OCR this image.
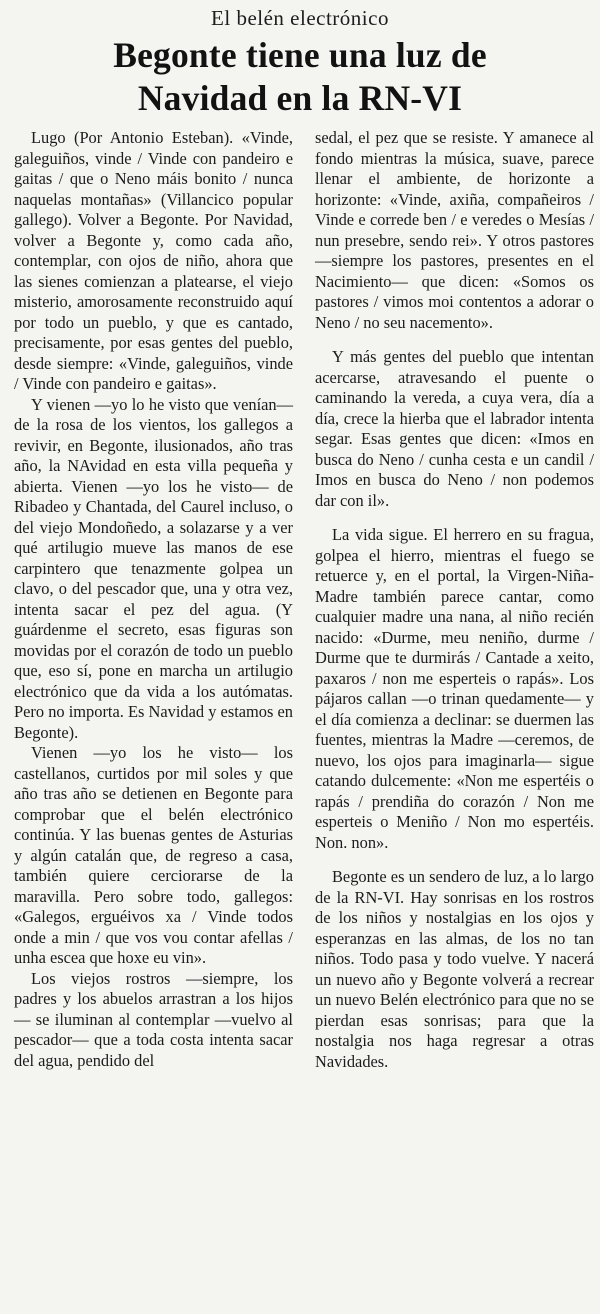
El belén electrónico
Begonte tiene una luz de
Navidad en la RN-VI

Lugo (Por Antonio Esteban). «Vinde, galeguiños, vinde / Vinde con pandeiro e gaitas / que o Neno máis bonito / nunca naquelas montañas» (Villancico popular gallego). Volver a Begonte. Por Navidad, volver a Begonte y, como cada año, contemplar, con ojos de niño, ahora que las sienes comienzan a platearse, el viejo misterio, amorosamente reconstruido aquí por todo un pueblo, y que es cantado, precisamente, por esas gentes del pueblo, desde siempre: «Vinde, galeguiños, vinde / Vinde con pandeiro e gaitas».

Y vienen —yo lo he visto que venían— de la rosa de los vientos, los gallegos a revivir, en Begonte, ilusionados, año tras año, la NAvidad en esta villa pequeña y abierta. Vienen —yo los he visto— de Ribadeo y Chantada, del Caurel incluso, o del viejo Mondoñedo, a solazarse y a ver qué artilugio mueve las manos de ese carpintero que tenazmente golpea un clavo, o del pescador que, una y otra vez, intenta sacar el pez del agua. (Y guárdenme el secreto, esas figuras son movidas por el corazón de todo un pueblo que, eso sí, pone en marcha un artilugio electrónico que da vida a los autómatas. Pero no importa. Es Navidad y estamos en Begonte).

Vienen —yo los he visto— los castellanos, curtidos por mil soles y que año tras año se detienen en Begonte para comprobar que el belén electrónico continúa. Y las buenas gentes de Asturias y algún catalán que, de regreso a casa, también quiere cerciorarse de la maravilla. Pero sobre todo, gallegos: «Galegos, erguéivos xa / Vinde todos onde a min / que vos vou contar afellas / unha escea que hoxe eu vin».

Los viejos rostros —siempre, los padres y los abuelos arrastran a los hijos— se iluminan al contemplar —vuelvo al pescador— que a toda costa intenta sacar del agua, pendido del

sedal, el pez que se resiste. Y amanece al fondo mientras la música, suave, parece llenar el ambiente, de horizonte a horizonte: «Vinde, axiña, compañeiros / Vinde e correde ben / e veredes o Mesías / nun presebre, sendo rei». Y otros pastores —siempre los pastores, presentes en el Nacimiento— que dicen: «Somos os pastores / vimos moi contentos a adorar o Neno / no seu nacemento».

Y más gentes del pueblo que intentan acercarse, atravesando el puente o caminando la vereda, a cuya vera, día a día, crece la hierba que el labrador intenta segar. Esas gentes que dicen: «Imos en busca do Neno / cunha cesta e un candil / Imos en busca do Neno / non podemos dar con il».

La vida sigue. El herrero en su fragua, golpea el hierro, mientras el fuego se retuerce y, en el portal, la Virgen-Niña-Madre también parece cantar, como cualquier madre una nana, al niño recién nacido: «Durme, meu neniño, durme / Durme que te durmirás / Cantade a xeito, paxaros / non me esperteis o rapás». Los pájaros callan —o trinan quedamente— y el día comienza a declinar: se duermen las fuentes, mientras la Madre —ceremos, de nuevo, los ojos para imaginarla— sigue catando dulcemente: «Non me espertéis o rapás / prendiña do corazón / Non me esperteis o Meniño / Non mo espertéis. Non. non».

Begonte es un sendero de luz, a lo largo de la RN-VI. Hay sonrisas en los rostros de los niños y nostalgias en los ojos y esperanzas en las almas, de los no tan niños. Todo pasa y todo vuelve. Y nacerá un nuevo año y Begonte volverá a recrear un nuevo Belén electrónico para que no se pierdan esas sonrisas; para que la nostalgia nos haga regresar a otras Navidades.
